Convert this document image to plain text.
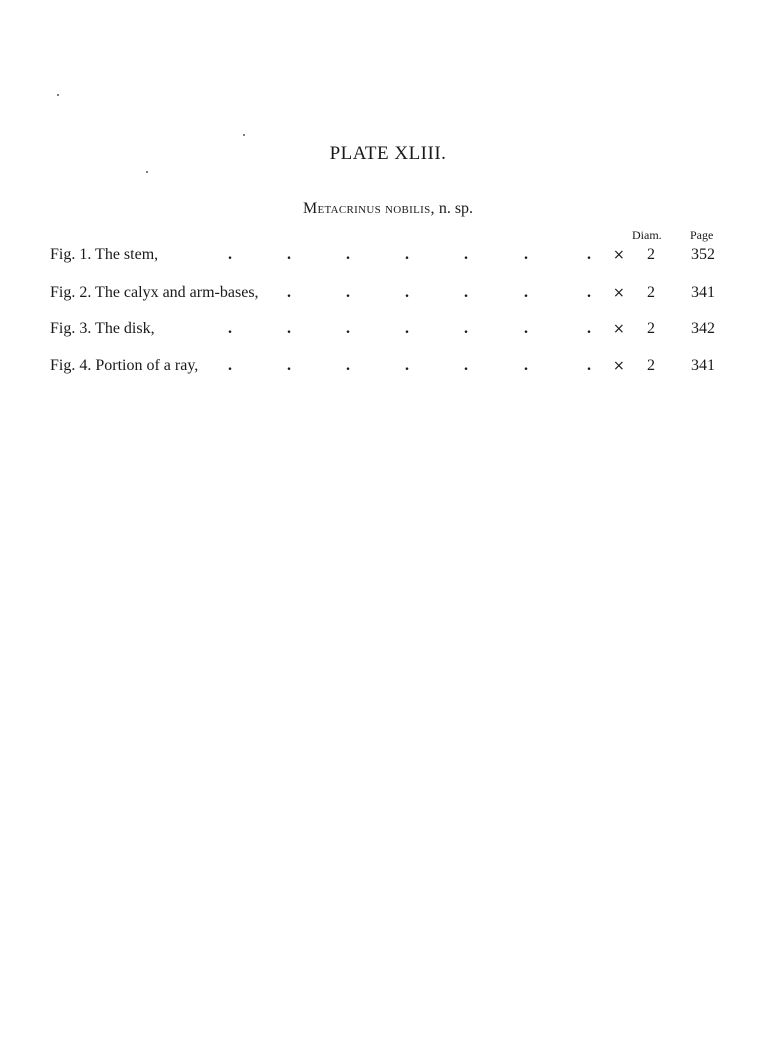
PLATE XLIII.
Metacrinus nobilis, n. sp.
Diam. Page
Fig. 1. The stem,	× 2 352
.	.	.	.	.	.	.
Fig. 2. The calyx and arm-bases,	× 2 341
.	.	.	.	.	.
Fig. 3. The disk,	× 2 342
.	.	.	.	.	.	.
Fig. 4. Portion of a ray,	× 2 341
.	.	.	.	.	.	.
